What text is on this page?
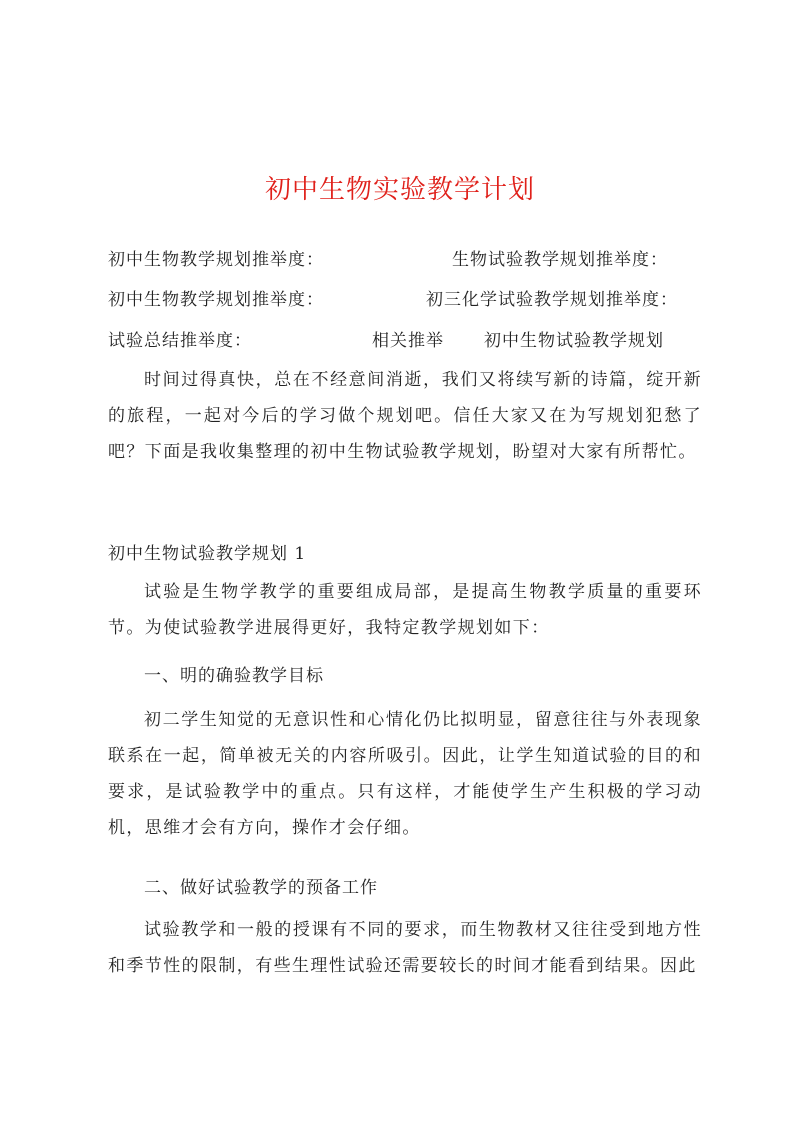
初中生物实验教学计划
初中生物教学规划推举度：	生物试验教学规划推举度：
初中生物教学规划推举度：	初三化学试验教学规划推举度：
试验总结推举度：	相关推举 初中生物试验教学规划

时间过得真快，总在不经意间消逝，我们又将续写新的诗篇，绽开新的旅程，一起对今后的学习做个规划吧。信任大家又在为写规划犯愁了吧？下面是我收集整理的初中生物试验教学规划，盼望对大家有所帮忙。

初中生物试验教学规划 1

试验是生物学教学的重要组成局部，是提高生物教学质量的重要环节。为使试验教学进展得更好，我特定教学规划如下：

一、明的确验教学目标

初二学生知觉的无意识性和心情化仍比拟明显，留意往往与外表现象联系在一起，简单被无关的内容所吸引。因此，让学生知道试验的目的和要求，是试验教学中的重点。只有这样，才能使学生产生积极的学习动机，思维才会有方向，操作才会仔细。

二、做好试验教学的预备工作

试验教学和一般的授课有不同的要求，而生物教材又往往受到地方性和季节性的限制，有些生理性试验还需要较长的时间才能看到结果。因此
